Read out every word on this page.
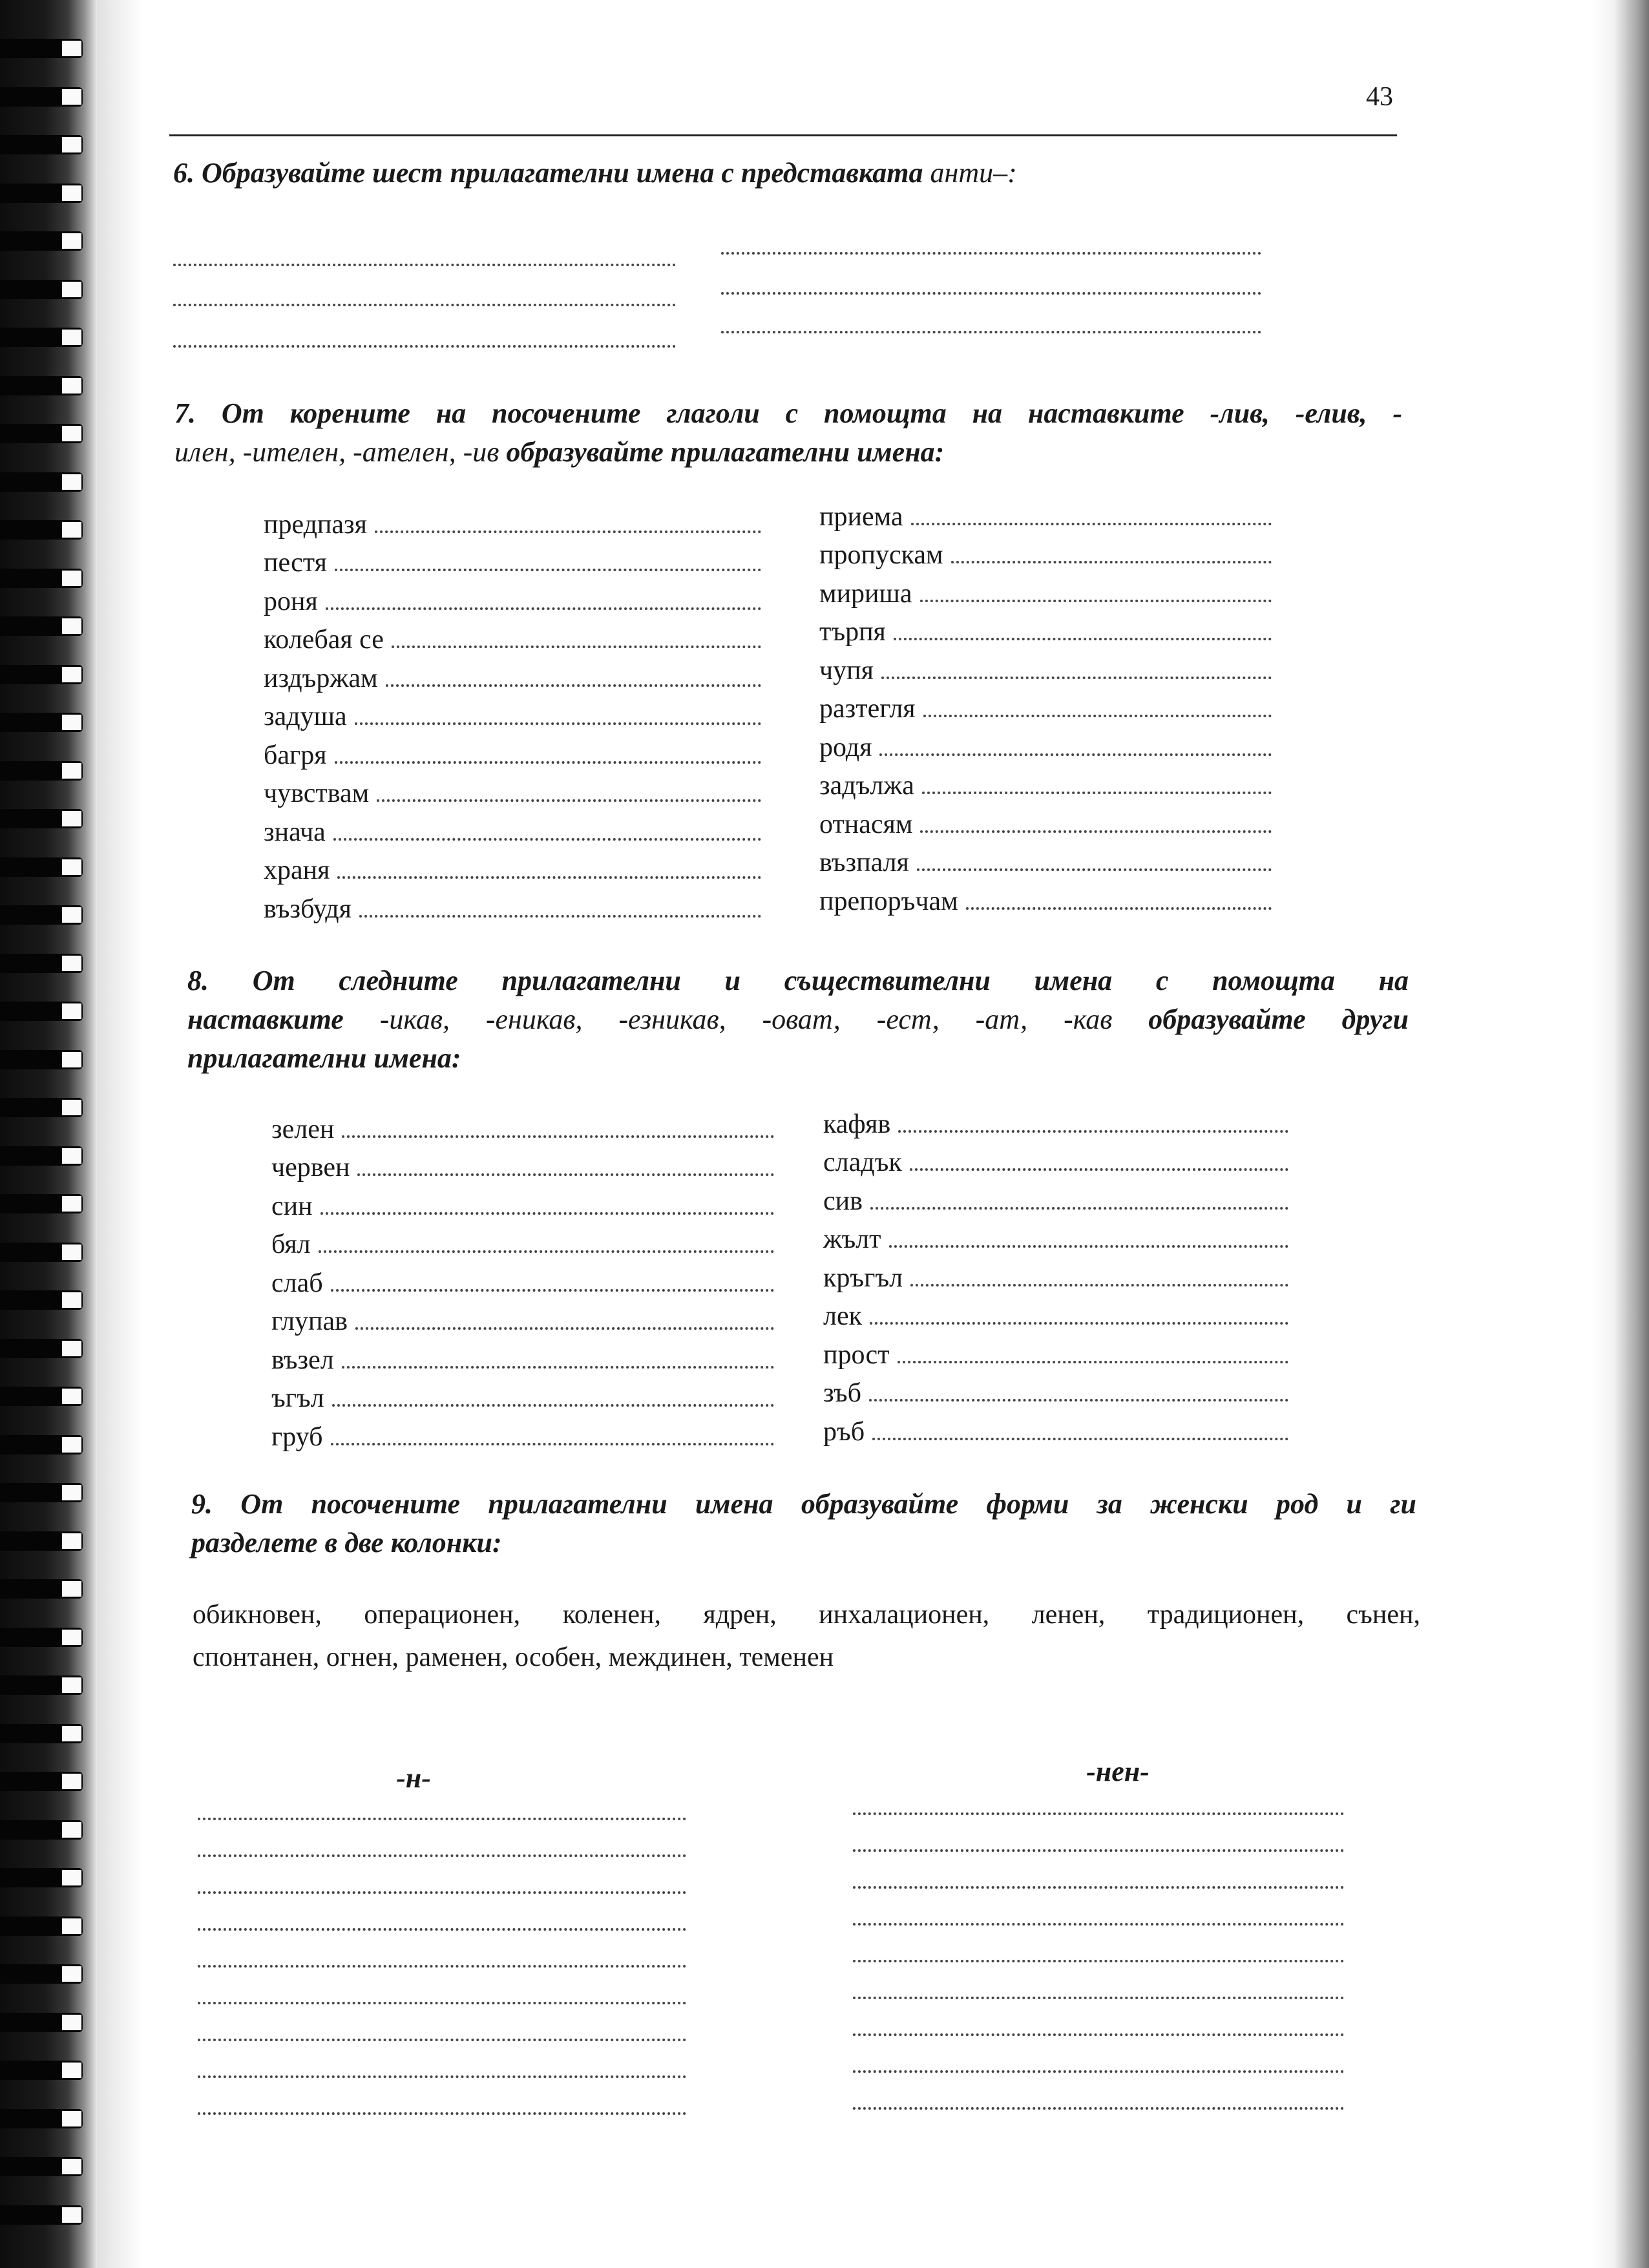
43
6. Образувайте шест прилагателни имена с представката анти–:
7. От корените на посочените глаголи с помощта на наставките -лив, -елив, -
илен, -ителен, -ателен, -ив образувайте прилагателни имена:
предпазя
пестя
роня
колебая се
издържам
задуша
багря
чувствам
знача
храня
възбудя
приема
пропускам
мириша
търпя
чупя
разтегля
родя
задължа
отнасям
възпаля
препоръчам
8. От следните прилагателни и съществителни имена с помощта на
наставките -икав, -еникав, -езникав, -оват, -ест, -ат, -кав образувайте други
прилагателни имена:
зелен
червен
син
бял
слаб
глупав
възел
ъгъл
груб
кафяв
сладък
сив
жълт
кръгъл
лек
прост
зъб
ръб
9. От посочените прилагателни имена образувайте форми за женски род и ги
разделете в две колонки:
обикновен, операционен, коленен, ядрен, инхалационен, ленен, традиционен, сънен,
спонтанен, огнен, раменен, особен, междинен, теменен
-н-	-нен-
